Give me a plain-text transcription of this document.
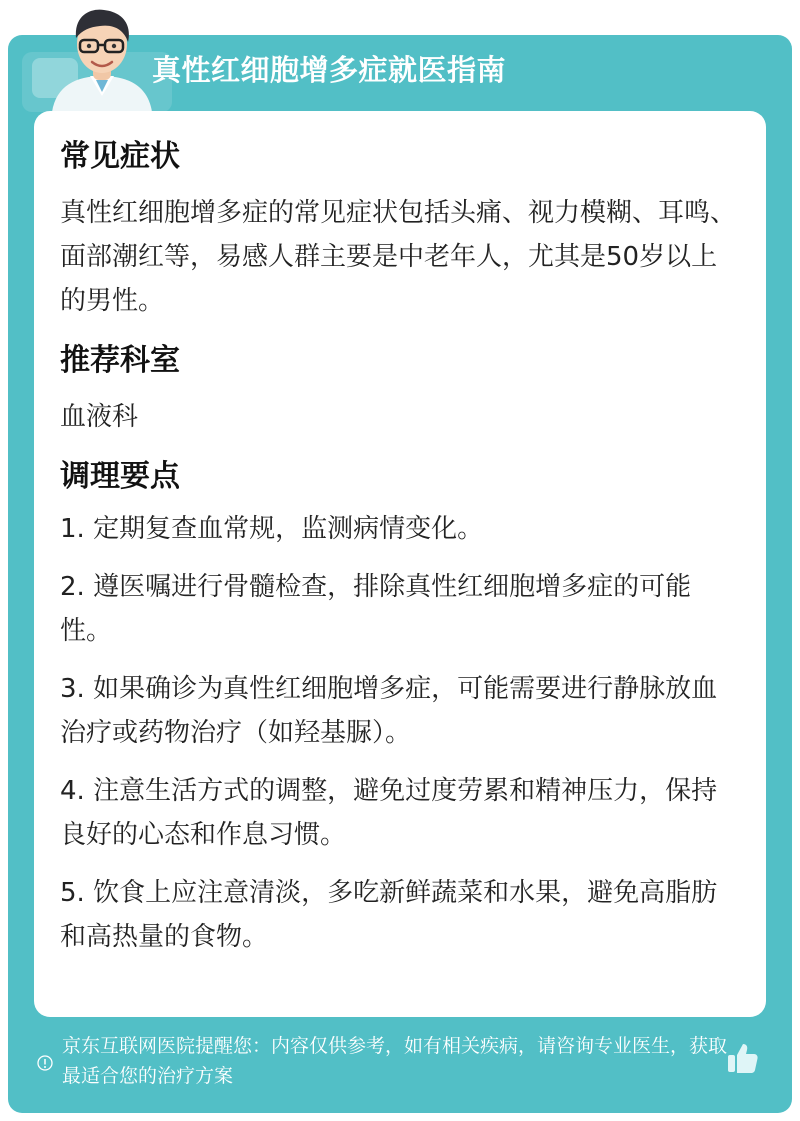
真性红细胞增多症就医指南
常见症状

真性红细胞增多症的常见症状包括头痛、视力模糊、耳鸣、面部潮红等，易感人群主要是中老年人，尤其是50岁以上的男性。

推荐科室

血液科

调理要点
1. 定期复查血常规，监测病情变化。
2. 遵医嘱进行骨髓检查，排除真性红细胞增多症的可能性。
3. 如果确诊为真性红细胞增多症，可能需要进行静脉放血治疗或药物治疗（如羟基脲）。
4. 注意生活方式的调整，避免过度劳累和精神压力，保持良好的心态和作息习惯。
5. 饮食上应注意清淡，多吃新鲜蔬菜和水果，避免高脂肪和高热量的食物。
京东互联网医院提醒您：内容仅供参考，如有相关疾病，请咨询专业医生，获取最适合您的治疗方案
